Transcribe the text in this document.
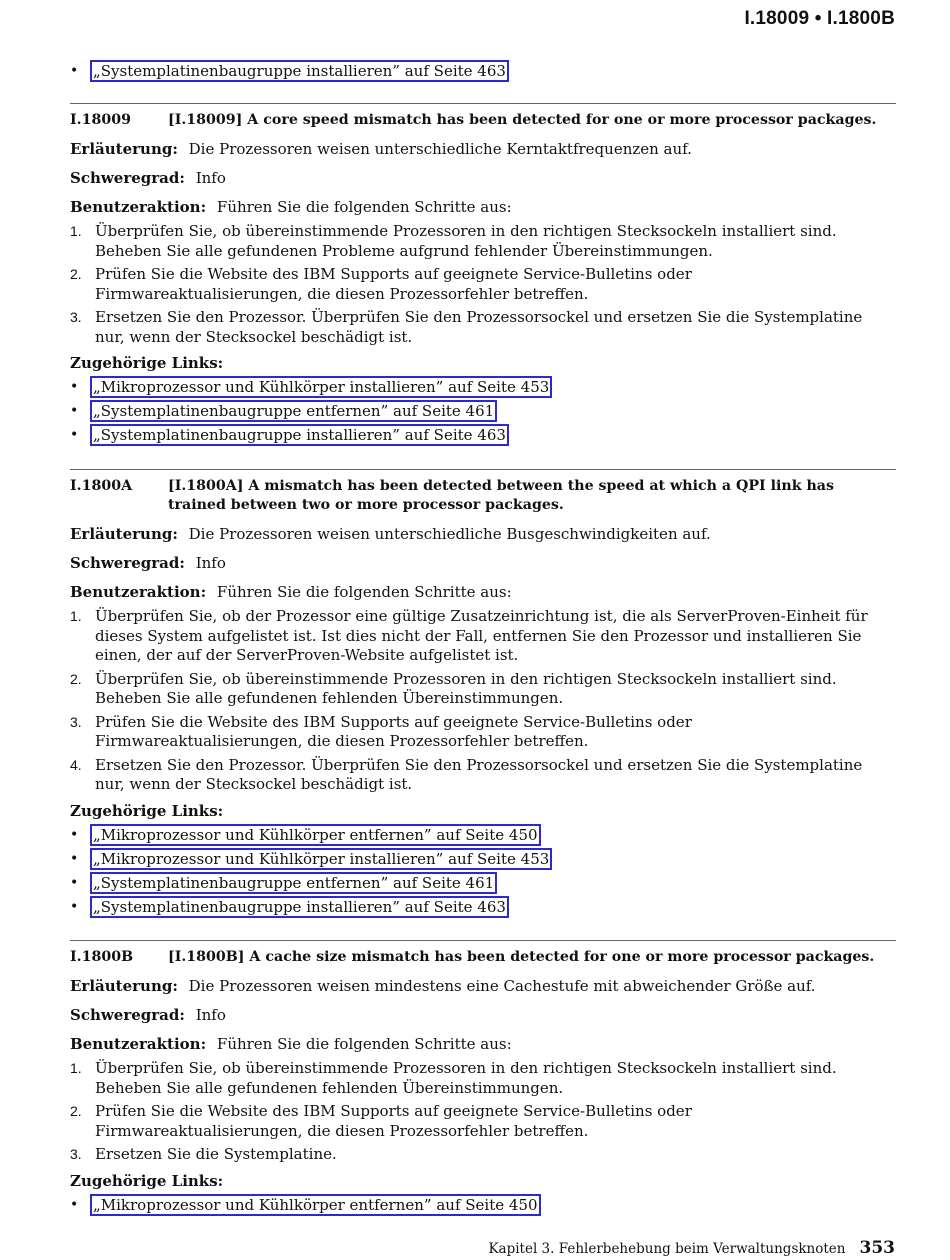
I.18009 • I.1800B
• „Systemplatinenbaugruppe installieren” auf Seite 463
I.18009	[I.18009] A core speed mismatch has been detected for one or more processor packages.
Erläuterung: Die Prozessoren weisen unterschiedliche Kerntaktfrequenzen auf.
Schweregrad: Info
Benutzeraktion: Führen Sie die folgenden Schritte aus:
1. Überprüfen Sie, ob übereinstimmende Prozessoren in den richtigen Stecksockeln installiert sind. Beheben Sie alle gefundenen Probleme aufgrund fehlender Übereinstimmungen.
2. Prüfen Sie die Website des IBM Supports auf geeignete Service-Bulletins oder Firmwareaktualisierungen, die diesen Prozessorfehler betreffen.
3. Ersetzen Sie den Prozessor. Überprüfen Sie den Prozessorsockel und ersetzen Sie die Systemplatine nur, wenn der Stecksockel beschädigt ist.
Zugehörige Links:
• „Mikroprozessor und Kühlkörper installieren” auf Seite 453
• „Systemplatinenbaugruppe entfernen” auf Seite 461
• „Systemplatinenbaugruppe installieren” auf Seite 463
I.1800A	[I.1800A] A mismatch has been detected between the speed at which a QPI link has trained between two or more processor packages.
Erläuterung: Die Prozessoren weisen unterschiedliche Busgeschwindigkeiten auf.
Schweregrad: Info
Benutzeraktion: Führen Sie die folgenden Schritte aus:
1. Überprüfen Sie, ob der Prozessor eine gültige Zusatzeinrichtung ist, die als ServerProven-Einheit für dieses System aufgelistet ist. Ist dies nicht der Fall, entfernen Sie den Prozessor und installieren Sie einen, der auf der ServerProven-Website aufgelistet ist.
2. Überprüfen Sie, ob übereinstimmende Prozessoren in den richtigen Stecksockeln installiert sind. Beheben Sie alle gefundenen fehlenden Übereinstimmungen.
3. Prüfen Sie die Website des IBM Supports auf geeignete Service-Bulletins oder Firmwareaktualisierungen, die diesen Prozessorfehler betreffen.
4. Ersetzen Sie den Prozessor. Überprüfen Sie den Prozessorsockel und ersetzen Sie die Systemplatine nur, wenn der Stecksockel beschädigt ist.
Zugehörige Links:
• „Mikroprozessor und Kühlkörper entfernen” auf Seite 450
• „Mikroprozessor und Kühlkörper installieren” auf Seite 453
• „Systemplatinenbaugruppe entfernen” auf Seite 461
• „Systemplatinenbaugruppe installieren” auf Seite 463
I.1800B	[I.1800B] A cache size mismatch has been detected for one or more processor packages.
Erläuterung: Die Prozessoren weisen mindestens eine Cachestufe mit abweichender Größe auf.
Schweregrad: Info
Benutzeraktion: Führen Sie die folgenden Schritte aus:
1. Überprüfen Sie, ob übereinstimmende Prozessoren in den richtigen Stecksockeln installiert sind. Beheben Sie alle gefundenen fehlenden Übereinstimmungen.
2. Prüfen Sie die Website des IBM Supports auf geeignete Service-Bulletins oder Firmwareaktualisierungen, die diesen Prozessorfehler betreffen.
3. Ersetzen Sie die Systemplatine.
Zugehörige Links:
• „Mikroprozessor und Kühlkörper entfernen” auf Seite 450
Kapitel 3. Fehlerbehebung beim Verwaltungsknoten 353
